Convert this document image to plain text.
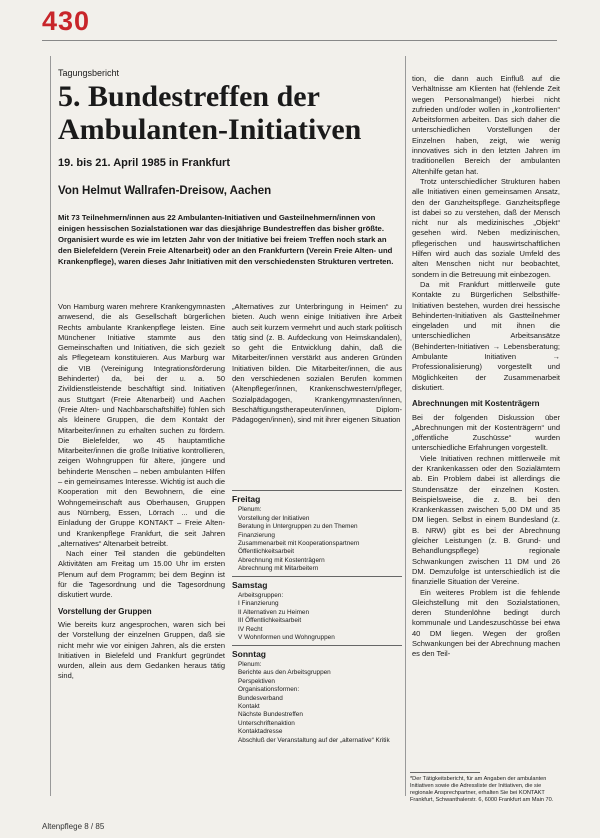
430
Tagungsbericht
5. Bundestreffen der
Ambulanten-Initiativen
19. bis 21. April 1985 in Frankfurt
Von Helmut Wallrafen-Dreisow, Aachen

Mit 73 Teilnehmern/innen aus 22 Ambulanten-Initiativen und Gasteilnehmern/innen von einigen hessischen Sozialstationen war das diesjährige Bundestreffen das bisher größte. Organisiert wurde es wie im letzten Jahr von der Initiative bei freiem Treffen noch stark an den Bielefeldern (Verein Freie Altenarbeit) oder an den Frankfurtern (Verein Freie Alten- und Krankenpflege), waren dieses Jahr Initiativen mit den verschiedensten Strukturen vertreten.

Von Hamburg waren mehrere Krankengymnasten anwesend, die als Gesellschaft bürgerlichen Rechts ambulante Krankenpflege leisten. Eine Münchener Initiative stammte aus den Gemeinschaften und Initiativen, die sich gezielt als Pflegeteam konstituieren. Aus Marburg war die VIB (Vereinigung Integrationsförderung Behinderter) da, bei der u. a. 50 Zivildienstleistende beschäftigt sind. Initiativen aus Stuttgart (Freie Altenarbeit) und Aachen (Freie Alten- und Nachbarschaftshilfe) fühlen sich als kleinere Gruppen, die dem Kontakt der Mitarbeiter/innen zu erhalten suchen zu fördern. Die Bielefelder, wo 45 hauptamtliche Mitarbeiter/innen die große Initiative kontrollieren, zeigen Wohngruppen für ältere, jüngere und behinderte Menschen – neben ambulanten Hilfen – ein gemeinsames Interesse. Wichtig ist auch die Kooperation mit den Bewohnern, die eine Wohngemeinschaft aus Oberhausen, Gruppen aus Nürnberg, Essen, Lörrach ... und die Einladung der Gruppe KONTAKT – Freie Alten- und Krankenpflege Frankfurt, die seit Jahren „alternatives“ Altenarbeit betreibt.

Nach einer Teil standen die gebündelten Aktivitäten am Freitag um 15.00 Uhr im ersten Plenum auf dem Programm; bei dem Beginn ist für die Tagesordnung und die Tagesordnung diskutiert wurde.

Vorstellung der Gruppen

Wie bereits kurz angesprochen, waren sich bei der Vorstellung der einzelnen Gruppen, daß sie nicht mehr wie vor einigen Jahren, als die ersten Initiativen in Bielefeld und Frankfurt gegründet wurden, allein aus dem Gedanken heraus tätig sind,

„Alternatives zur Unterbringung in Heimen“ zu bieten. Auch wenn einige Initiativen ihre Arbeit auch seit kurzem vermehrt und auch stark politisch tätig sind (z. B. Aufdeckung von Heimskandalen), so geht die Entwicklung dahin, daß die Mitarbeiter/innen verstärkt aus anderen Gründen Initiativen bilden. Die Mitarbeiter/innen, die aus den verschiedenen sozialen Berufen kommen (Altenpfleger/innen, Krankenschwestern/pfleger, Sozialpädagogen, Krankengymnasten/innen, Beschäftigungstherapeuten/innen, Diplom-Pädagogen/innen), sind mit ihrer eigenen Situation

Freitag
Plenum:
Vorstellung der Initiativen
Beratung in Untergruppen zu den Themen
Finanzierung
Zusammenarbeit mit Kooperationspartnern
Öffentlichkeitsarbeit
Abrechnung mit Kostenträgern
Abrechnung mit Mitarbeitern
Samstag
Arbeitsgruppen:
I Finanzierung
II Alternativen zu Heimen
III Öffentlichkeitsarbeit
IV Recht
V Wohnformen und Wohngruppen
Sonntag
Plenum:
Berichte aus den Arbeitsgruppen
Perspektiven
Organisationsformen:
Bundesverband
Kontakt
Nächste Bundestreffen
Unterschriftenaktion
Kontaktadresse
Abschluß der Veranstaltung auf der „alternative“ Kritik

tion, die dann auch Einfluß auf die Verhältnisse am Klienten hat (fehlende Zeit wegen Personalmangel) hierbei nicht zufrieden und/oder wollen in „kontrollierten“ Arbeitsformen arbeiten. Das sich daher die unterschiedlichen Vorstellungen der Einzelnen haben, zeigt, wie wenig innovatives sich in den letzten Jahren im traditionellen Bereich der ambulanten Altenhilfe getan hat.

Trotz unterschiedlicher Strukturen haben alle Initiativen einen gemeinsamen Ansatz, den der Ganzheitspflege. Ganzheitspflege ist dabei so zu verstehen, daß der Mensch nicht nur als medizinisches „Objekt“ gesehen wird. Neben medizinischen, pflegerischen und hauswirtschaftlichen Hilfen wird auch das soziale Umfeld des alten Menschen nicht nur beobachtet, sondern in die Betreuung mit einbezogen.

Da mit Frankfurt mittlerweile gute Kontakte zu Bürgerlichen Selbsthilfe-Initiativen bestehen, wurden drei hessische Behinderten-Initiativen als Gastteilnehmer eingeladen und mit ihnen die unterschiedlichen Arbeitsansätze (Behinderten-Initiativen → Lebensberatung; Ambulante Initiativen → Professionalisierung) vorgestellt und Möglichkeiten der Zusammenarbeit diskutiert.

Abrechnungen mit Kostenträgern

Bei der folgenden Diskussion über „Abrechnungen mit der Kostenträgern“ und „öffentliche Zuschüsse“ wurden unterschiedliche Erfahrungen vorgestellt.

Viele Initiativen rechnen mittlerweile mit der Krankenkassen oder den Sozialämtern ab. Ein Problem dabei ist allerdings die Stundensätze der einzelnen Kosten. Beispielsweise, die z. B. bei den Krankenkassen zwischen 5,00 DM und 35 DM liegen. Selbst in einem Bundesland (z. B. NRW) gibt es bei der Abrechnung gleicher Leistungen (z. B. Grund- und Behandlungspflege) regionale Schwankungen zwischen 11 DM und 26 DM. Demzufolge ist unterschiedlich ist die finanzielle Situation der Vereine.

Ein weiteres Problem ist die fehlende Gleichstellung mit den Sozialstationen, deren Stundenlöhne bedingt durch kommunale und Landeszuschüsse bei etwa 40 DM liegen. Wegen der großen Schwankungen bei der Abrechnung machen es den Teil-

*Der Tätigkeitsbericht, für am Angaben der ambulanten Initiativen sowie die Adressliste der Initiativen, die sie regionale Ansprechpartner, erhalten Sie bei KONTAKT Frankfurt, Schwanthalerstr. 6, 6000 Frankfurt am Main 70.

Altenpflege 8 / 85
